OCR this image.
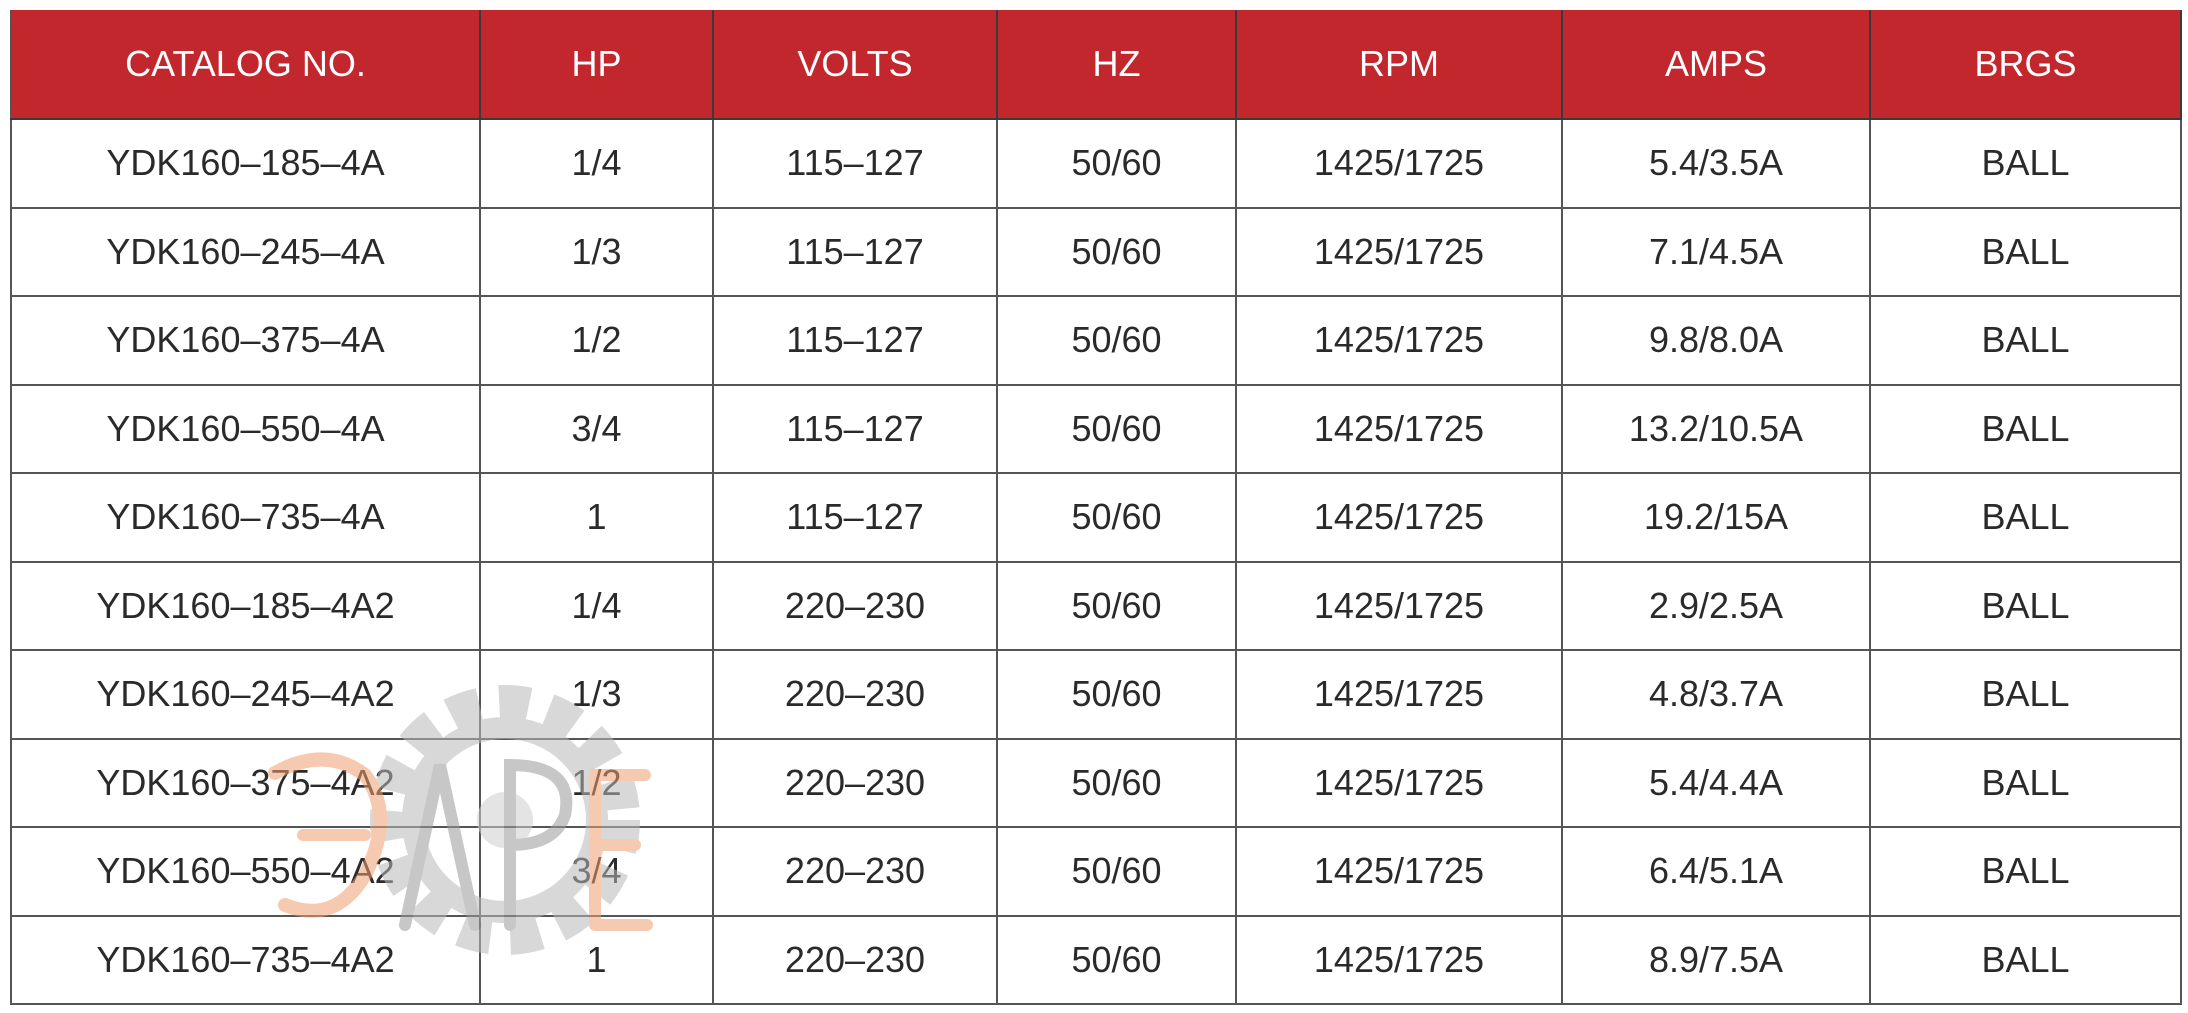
CATALOG NO.	HP	VOLTS	HZ	RPM	AMPS	BRGS
YDK160–185–4A	1/4	115–127	50/60	1425/1725	5.4/3.5A	BALL
YDK160–245–4A	1/3	115–127	50/60	1425/1725	7.1/4.5A	BALL
YDK160–375–4A	1/2	115–127	50/60	1425/1725	9.8/8.0A	BALL
YDK160–550–4A	3/4	115–127	50/60	1425/1725	13.2/10.5A	BALL
YDK160–735–4A	1	115–127	50/60	1425/1725	19.2/15A	BALL
YDK160–185–4A2	1/4	220–230	50/60	1425/1725	2.9/2.5A	BALL
YDK160–245–4A2	1/3	220–230	50/60	1425/1725	4.8/3.7A	BALL
YDK160–375–4A2	1/2	220–230	50/60	1425/1725	5.4/4.4A	BALL
YDK160–550–4A2	3/4	220–230	50/60	1425/1725	6.4/5.1A	BALL
YDK160–735–4A2	1	220–230	50/60	1425/1725	8.9/7.5A	BALL
